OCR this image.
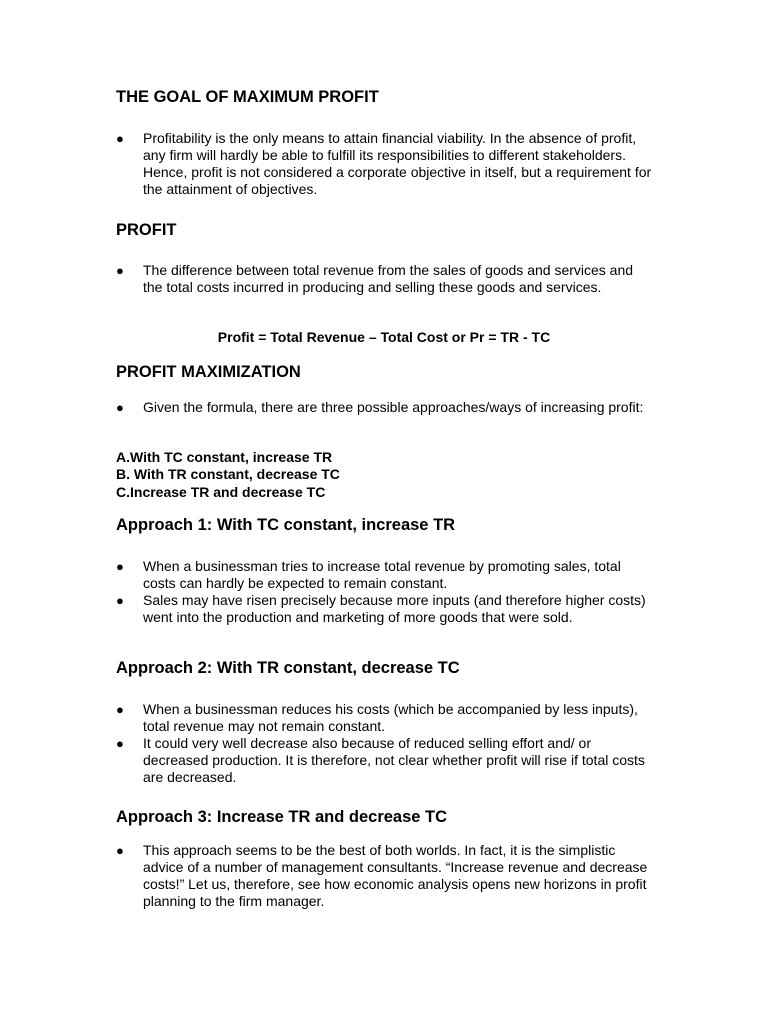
THE GOAL OF MAXIMUM PROFIT
● Profitability is the only means to attain financial viability. In the absence of profit, any firm will hardly be able to fulfill its responsibilities to different stakeholders. Hence, profit is not considered a corporate objective in itself, but a requirement for the attainment of objectives.
PROFIT
● The difference between total revenue from the sales of goods and services and the total costs incurred in producing and selling these goods and services.
Profit = Total Revenue – Total Cost or Pr = TR - TC
PROFIT MAXIMIZATION
● Given the formula, there are three possible approaches/ways of increasing profit:
A.With TC constant, increase TR
B. With TR constant, decrease TC
C.Increase TR and decrease TC
Approach 1: With TC constant, increase TR
● When a businessman tries to increase total revenue by promoting sales, total costs can hardly be expected to remain constant.
● Sales may have risen precisely because more inputs (and therefore higher costs) went into the production and marketing of more goods that were sold.
Approach 2: With TR constant, decrease TC
● When a businessman reduces his costs (which be accompanied by less inputs), total revenue may not remain constant.
● It could very well decrease also because of reduced selling effort and/ or decreased production. It is therefore, not clear whether profit will rise if total costs are decreased.
Approach 3: Increase TR and decrease TC
● This approach seems to be the best of both worlds. In fact, it is the simplistic advice of a number of management consultants. “Increase revenue and decrease costs!” Let us, therefore, see how economic analysis opens new horizons in profit planning to the firm manager.
